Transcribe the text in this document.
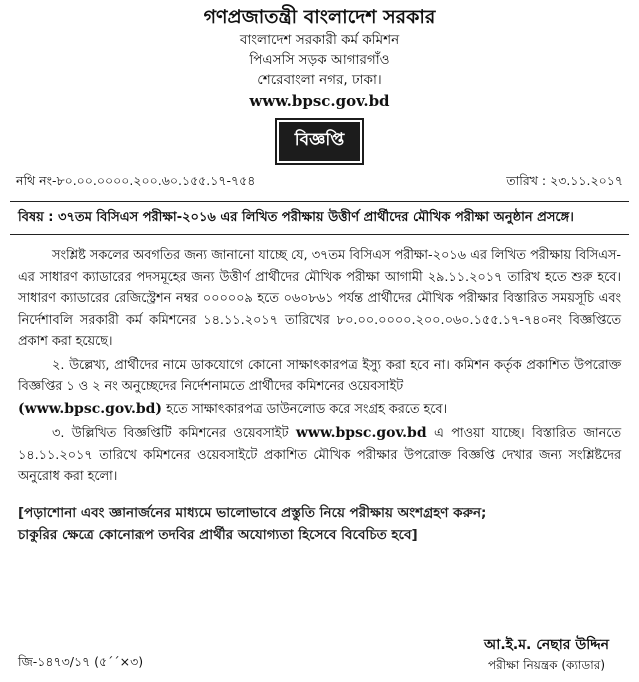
গণপ্রজাতন্ত্রী বাংলাদেশ সরকার
বাংলাদেশ সরকারী কর্ম কমিশন
পিএসসি সড়ক আগারগাঁও
শেরেবাংলা নগর, ঢাকা।
www.bpsc.gov.bd
বিজ্ঞপ্তি
নথি নং-৮০.০০.০০০০.২০০.৬০.১৫৫.১৭-৭৫৪	তারিখ : ২৩.১১.২০১৭
বিষয় : ৩৭তম বিসিএস পরীক্ষা-২০১৬ এর লিখিত পরীক্ষায় উত্তীর্ণ প্রার্থীদের মৌখিক পরীক্ষা অনুষ্ঠান প্রসঙ্গে।

সংশ্লিষ্ট সকলের অবগতির জন্য জানানো যাচ্ছে যে, ৩৭তম বিসিএস পরীক্ষা-২০১৬ এর লিখিত পরীক্ষায় বিসিএস-এর সাধারণ ক্যাডারের পদসমূহের জন্য উত্তীর্ণ প্রার্থীদের মৌখিক পরীক্ষা আগামী ২৯.১১.২০১৭ তারিখ হতে শুরু হবে। সাধারণ ক্যাডারের রেজিস্ট্রেশন নম্বর ০০০০০৯ হতে ০৬০৮৬১ পর্যন্ত প্রার্থীদের মৌখিক পরীক্ষার বিস্তারিত সময়সূচি এবং নির্দেশাবলি সরকারী কর্ম কমিশনের ১৪.১১.২০১৭ তারিখের ৮০.০০.০০০০.২০০.০৬০.১৫৫.১৭-৭৪০নং বিজ্ঞপ্তিতে প্রকাশ করা হয়েছে।

২. উল্লেখ্য, প্রার্থীদের নামে ডাকযোগে কোনো সাক্ষাৎকারপত্র ইস্যু করা হবে না। কমিশন কর্তৃক প্রকাশিত উপরোক্ত বিজ্ঞপ্তির ১ ও ২ নং অনুচ্ছেদের নির্দেশনামতে প্রার্থীদের কমিশনের ওয়েবসাইট
(www.bpsc.gov.bd) হতে সাক্ষাৎকারপত্র ডাউনলোড করে সংগ্রহ করতে হবে।

৩. উল্লিখিত বিজ্ঞপ্তিটি কমিশনের ওয়েবসাইট www.bpsc.gov.bd এ পাওয়া যাচ্ছে। বিস্তারিত জানতে ১৪.১১.২০১৭ তারিখে কমিশনের ওয়েবসাইটে প্রকাশিত মৌখিক পরীক্ষার উপরোক্ত বিজ্ঞপ্তি দেখার জন্য সংশ্লিষ্টদের অনুরোধ করা হলো।

[পড়াশোনা এবং জ্ঞানার্জনের মাধ্যমে ভালোভাবে প্রস্তুতি নিয়ে পরীক্ষায় অংশগ্রহণ করুন;
চাকুরির ক্ষেত্রে কোনোরূপ তদবির প্রার্থীর অযোগ্যতা হিসেবে বিবেচিত হবে]
জি-১৪৭৩/১৭ (৫´´×৩)
আ.ই.ম. নেছার উদ্দিন
পরীক্ষা নিয়ন্ত্রক (ক্যাডার)
